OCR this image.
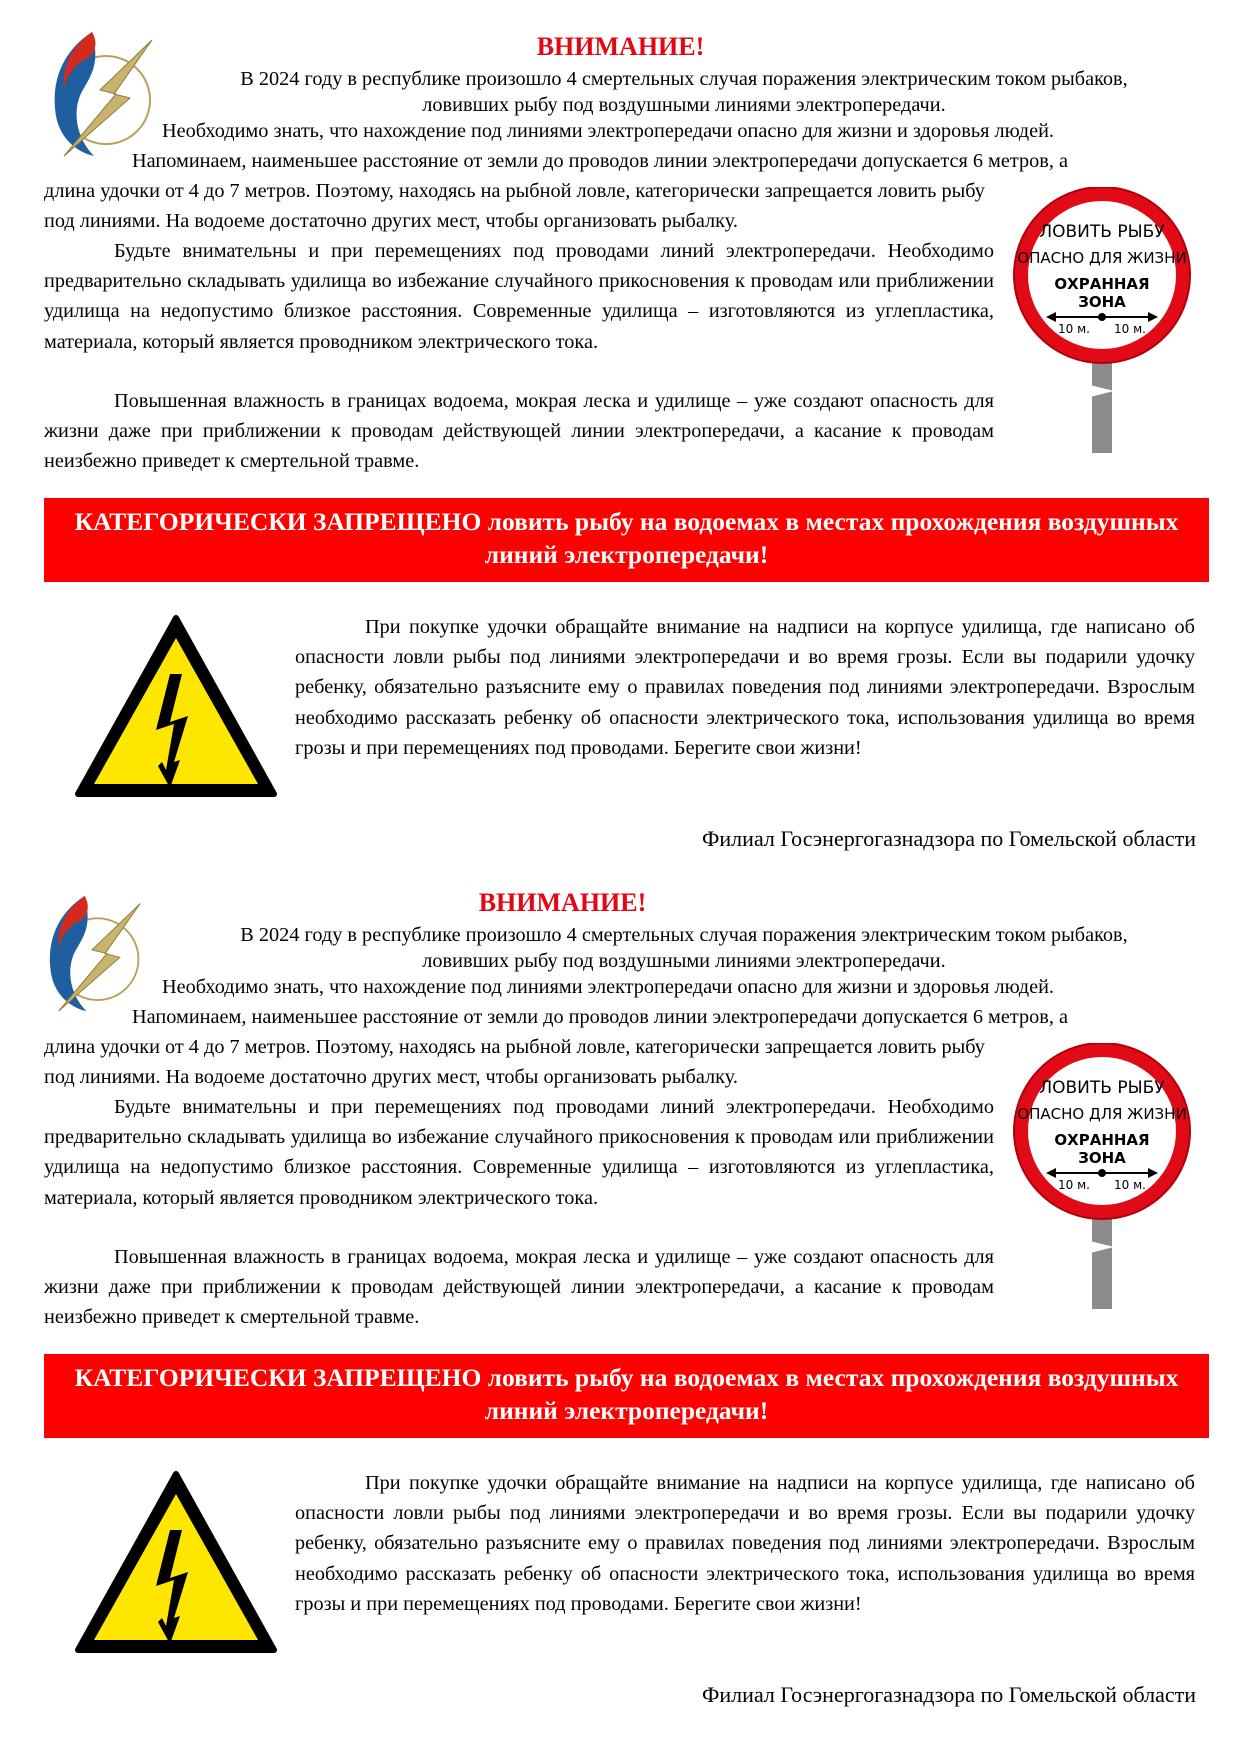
ВНИМАНИЕ!

В 2024 году в республике произошло 4 смертельных случая поражения электрическим током рыбаков,

ловивших рыбу под воздушными линиями электропередачи.

Необходимо знать, что нахождение под линиями электропередачи опасно для жизни и здоровья людей.

Напоминаем, наименьшее расстояние от земли до проводов линии электропередачи допускается 6 метров, а

длина удочки от 4 до 7 метров. Поэтому, находясь на рыбной ловле, категорически запрещается ловить рыбу под линиями. На водоеме достаточно других мест, чтобы организовать рыбалку.

Будьте внимательны и при перемещениях под проводами линий электропередачи. Необходимо предварительно складывать удилища во избежание случайного прикосновения к проводам или приближении удилища на недопустимо близкое расстояния. Современные удилища – изготовляются из углепластика, материала, который является проводником электрического тока.

Повышенная влажность в границах водоема, мокрая леска и удилище – уже создают опасность для жизни даже при приближении к проводам действующей линии электропередачи, а касание к проводам неизбежно приведет к смертельной травме.

ЛОВИТЬ РЫБУ
ОПАСНО ДЛЯ ЖИЗНИ
ОХРАННАЯ
ЗОНА
10 м. 10 м.
КАТЕГОРИЧЕСКИ ЗАПРЕЩЕНО ловить рыбу на водоемах в местах прохождения воздушных линий электропередачи!

При покупке удочки обращайте внимание на надписи на корпусе удилища, где написано об опасности ловли рыбы под линиями электропередачи и во время грозы. Если вы подарили удочку ребенку, обязательно разъясните ему о правилах поведения под линиями электропередачи. Взрослым необходимо рассказать ребенку об опасности электрического тока, использования удилища во время грозы и при перемещениях под проводами. Берегите свои жизни!

Филиал Госэнергогазнадзора по Гомельской области
ВНИМАНИЕ!

В 2024 году в республике произошло 4 смертельных случая поражения электрическим током рыбаков,

ловивших рыбу под воздушными линиями электропередачи.

Необходимо знать, что нахождение под линиями электропередачи опасно для жизни и здоровья людей.

Напоминаем, наименьшее расстояние от земли до проводов линии электропередачи допускается 6 метров, а

длина удочки от 4 до 7 метров. Поэтому, находясь на рыбной ловле, категорически запрещается ловить рыбу под линиями. На водоеме достаточно других мест, чтобы организовать рыбалку.

Будьте внимательны и при перемещениях под проводами линий электропередачи. Необходимо предварительно складывать удилища во избежание случайного прикосновения к проводам или приближении удилища на недопустимо близкое расстояния. Современные удилища – изготовляются из углепластика, материала, который является проводником электрического тока.

Повышенная влажность в границах водоема, мокрая леска и удилище – уже создают опасность для жизни даже при приближении к проводам действующей линии электропередачи, а касание к проводам неизбежно приведет к смертельной травме.

ЛОВИТЬ РЫБУ
ОПАСНО ДЛЯ ЖИЗНИ
ОХРАННАЯ
ЗОНА
10 м. 10 м.
КАТЕГОРИЧЕСКИ ЗАПРЕЩЕНО ловить рыбу на водоемах в местах прохождения воздушных линий электропередачи!

При покупке удочки обращайте внимание на надписи на корпусе удилища, где написано об опасности ловли рыбы под линиями электропередачи и во время грозы. Если вы подарили удочку ребенку, обязательно разъясните ему о правилах поведения под линиями электропередачи. Взрослым необходимо рассказать ребенку об опасности электрического тока, использования удилища во время грозы и при перемещениях под проводами. Берегите свои жизни!

Филиал Госэнергогазнадзора по Гомельской области
